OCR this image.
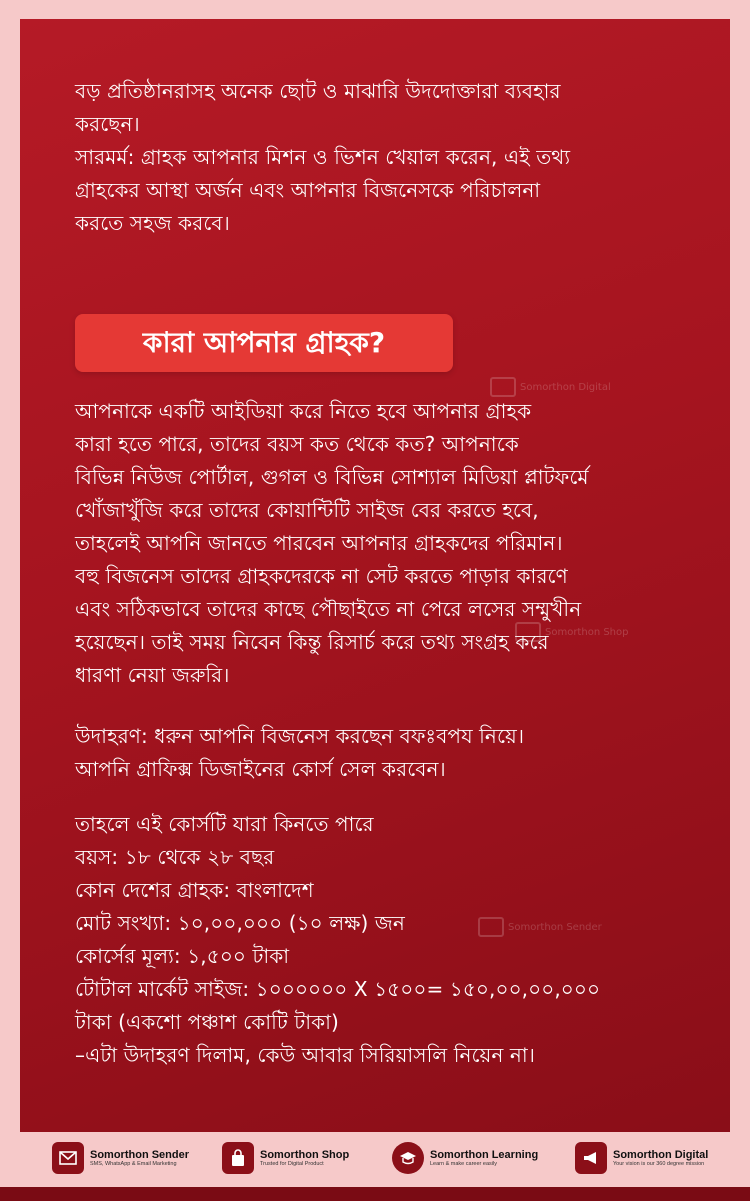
বড় প্রতিষ্ঠানরাসহ অনেক ছোট ও মাঝারি উদদোক্তারা ব্যবহার
করছেন।
সারমর্ম: গ্রাহক আপনার মিশন ও ভিশন খেয়াল করেন, এই তথ্য
গ্রাহকের আস্থা অর্জন এবং আপনার বিজনেসকে পরিচালনা
করতে সহজ করবে।
কারা আপনার গ্রাহক?
Somorthon Digital
আপনাকে একটি আইডিয়া করে নিতে হবে আপনার গ্রাহক
কারা হতে পারে, তাদের বয়স কত থেকে কত? আপনাকে
বিভিন্ন নিউজ পোর্টাল, গুগল ও বিভিন্ন সোশ্যাল মিডিয়া প্লাটফর্মে
খোঁজাখুঁজি করে তাদের কোয়ান্টিটি সাইজ বের করতে হবে,
তাহলেই আপনি জানতে পারবেন আপনার গ্রাহকদের পরিমান।
বহু বিজনেস তাদের গ্রাহকদেরকে না সেট করতে পাড়ার কারণে
এবং সঠিকভাবে তাদের কাছে পৌছাইতে না পেরে লসের সম্মুখীন
হয়েছেন। তাই সময় নিবেন কিন্তু রিসার্চ করে তথ্য সংগ্রহ করে
ধারণা নেয়া জরুরি।
Somorthon Shop
উদাহরণ: ধরুন আপনি বিজনেস করছেন বফঃবপয নিয়ে।
আপনি গ্রাফিক্স ডিজাইনের কোর্স সেল করবেন।
তাহলে এই কোর্সটি যারা কিনতে পারে
বয়স: ১৮ থেকে ২৮ বছর
কোন দেশের গ্রাহক: বাংলাদেশ
মোট সংখ্যা: ১০,০০,০০০ (১০ লক্ষ) জন
কোর্সের মূল্য: ১,৫০০ টাকা
টোটাল মার্কেট সাইজ: ১০০০০০০ X ১৫০০= ১৫০,০০,০০,০০০
টাকা (একশো পঞ্চাশ কোটি টাকা)
–এটা উদাহরণ দিলাম, কেউ আবার সিরিয়াসলি নিয়েন না।
Somorthon Sender
Somorthon Sender
SMS, WhatsApp & Email Marketing
Somorthon Shop
Trusted for Digital Product
Somorthon Learning
Learn & make career easily
Somorthon Digital
Your vision is our 360 degree mission
